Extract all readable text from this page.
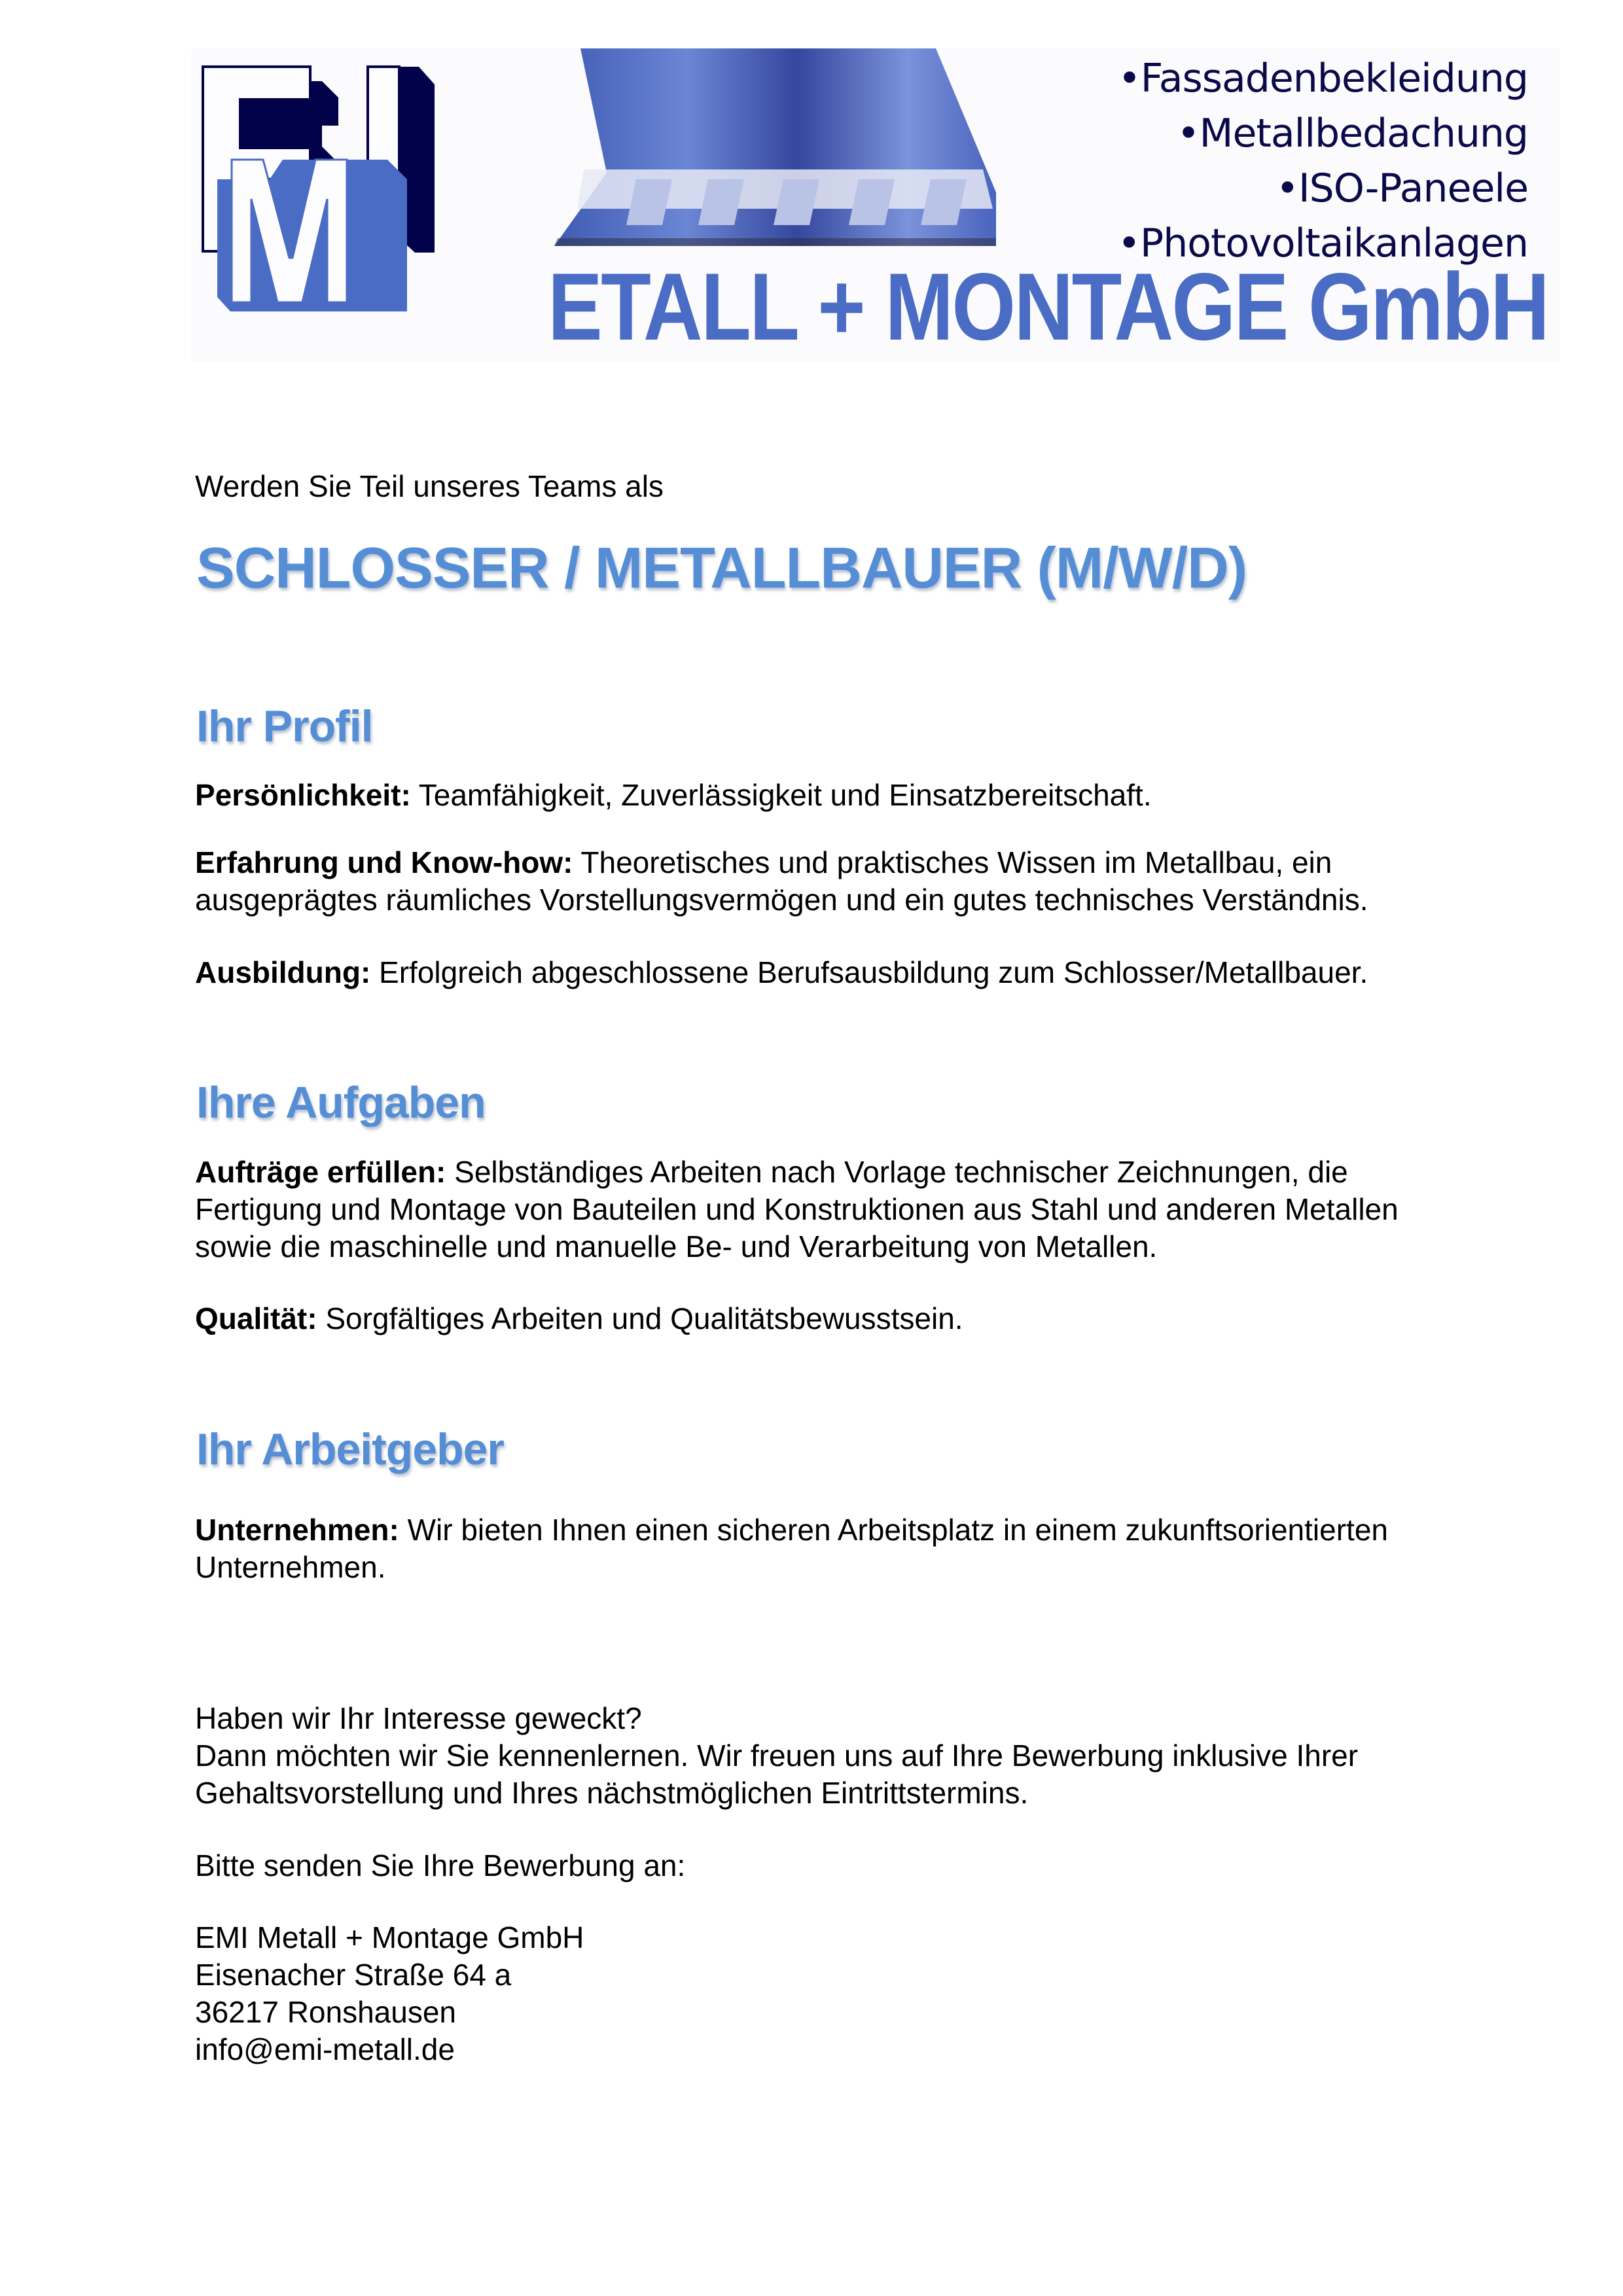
•Fassadenbekleidung
•Metallbedachung
•ISO-Paneele
•Photovoltaikanlagen
ETALL + MONTAGE GmbH
Werden Sie Teil unseres Teams als
SCHLOSSER / METALLBAUER (M/W/D)
Ihr Profil
Persönlichkeit: Teamfähigkeit, Zuverlässigkeit und Einsatzbereitschaft.
Erfahrung und Know-how: Theoretisches und praktisches Wissen im Metallbau, ein
ausgeprägtes räumliches Vorstellungsvermögen und ein gutes technisches Verständnis.
Ausbildung: Erfolgreich abgeschlossene Berufsausbildung zum Schlosser/Metallbauer.
Ihre Aufgaben
Aufträge erfüllen: Selbständiges Arbeiten nach Vorlage technischer Zeichnungen, die
Fertigung und Montage von Bauteilen und Konstruktionen aus Stahl und anderen Metallen
sowie die maschinelle und manuelle Be- und Verarbeitung von Metallen.
Qualität: Sorgfältiges Arbeiten und Qualitätsbewusstsein.
Ihr Arbeitgeber
Unternehmen: Wir bieten Ihnen einen sicheren Arbeitsplatz in einem zukunftsorientierten
Unternehmen.
Haben wir Ihr Interesse geweckt?
Dann möchten wir Sie kennenlernen. Wir freuen uns auf Ihre Bewerbung inklusive Ihrer
Gehaltsvorstellung und Ihres nächstmöglichen Eintrittstermins.
Bitte senden Sie Ihre Bewerbung an:
EMI Metall + Montage GmbH
Eisenacher Straße 64 a
36217 Ronshausen
info@emi-metall.de
